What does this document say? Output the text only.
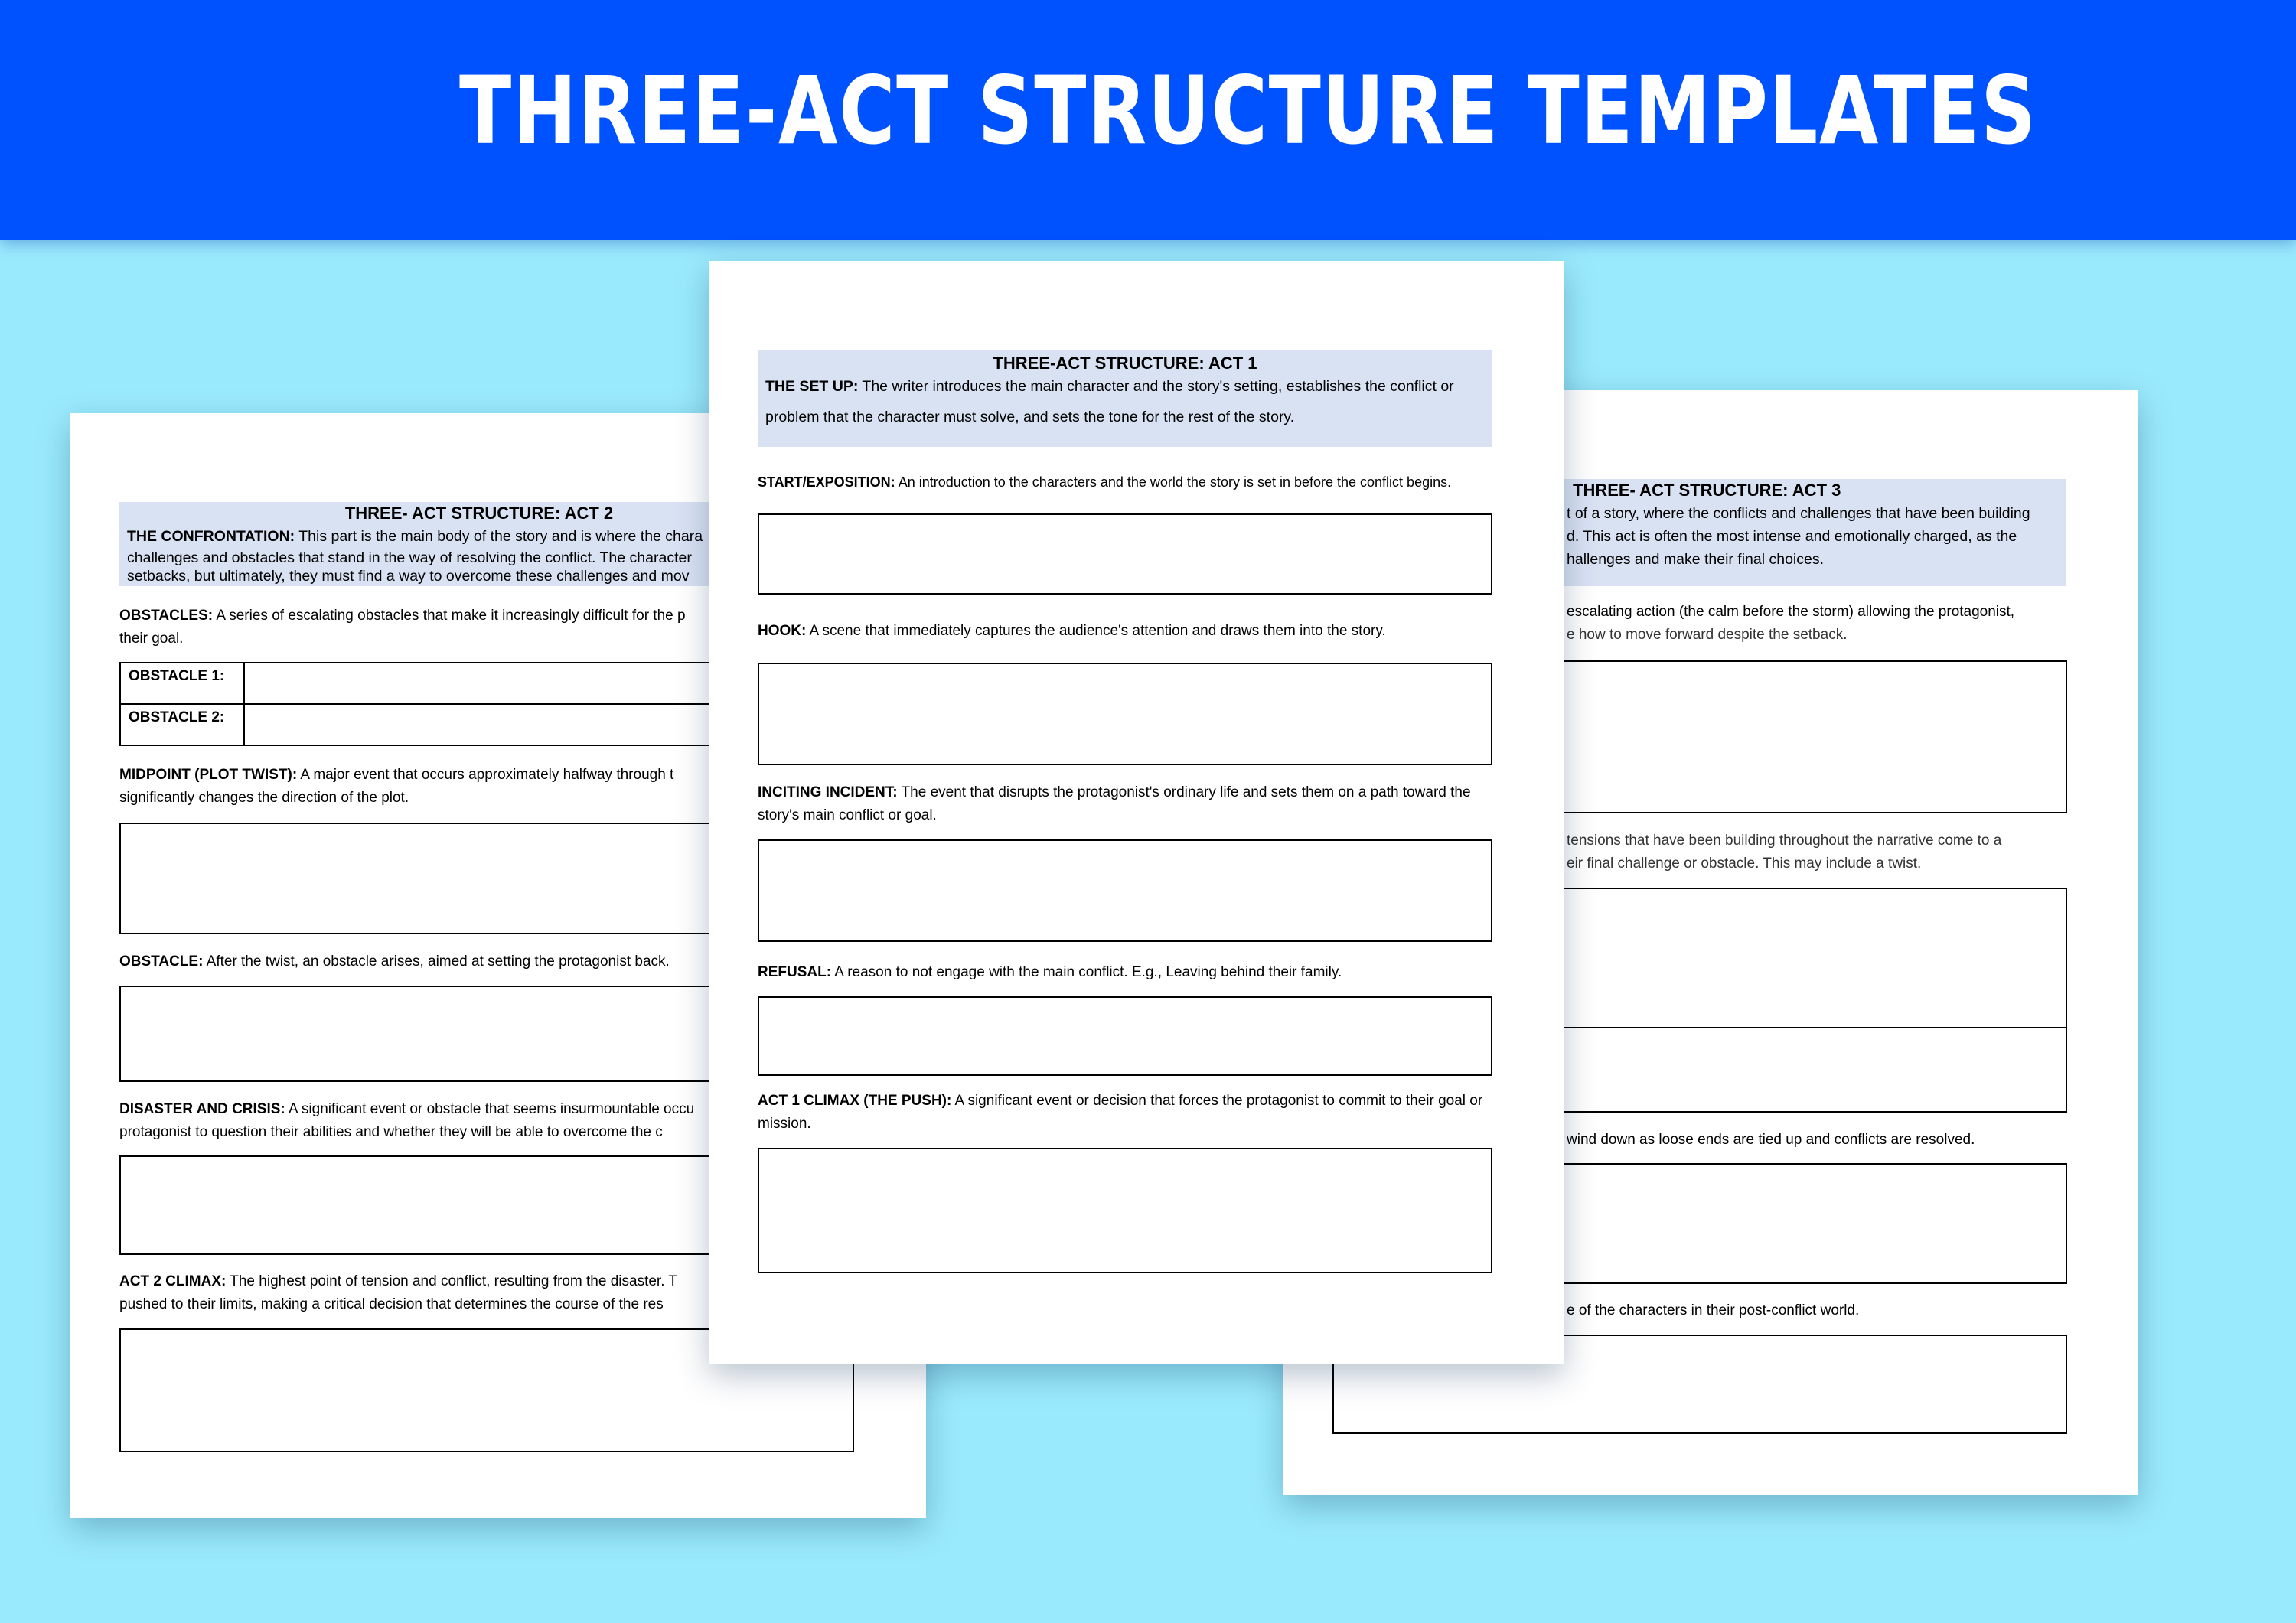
THREE-ACT STRUCTURE TEMPLATES
THREE- ACT STRUCTURE: ACT 2

THE CONFRONTATION: This part is the main body of the story and is where the chara

challenges and obstacles that stand in the way of resolving the conflict. The character

setbacks, but ultimately, they must find a way to overcome these challenges and mov

OBSTACLES: A series of escalating obstacles that make it increasingly difficult for the p
their goal.
OBSTACLE 1:	
OBSTACLE 2:	
MIDPOINT (PLOT TWIST): A major event that occurs approximately halfway through t
significantly changes the direction of the plot.
OBSTACLE: After the twist, an obstacle arises, aimed at setting the protagonist back.
DISASTER AND CRISIS: A significant event or obstacle that seems insurmountable occu
protagonist to question their abilities and whether they will be able to overcome the c
ACT 2 CLIMAX: The highest point of tension and conflict, resulting from the disaster. T
pushed to their limits, making a critical decision that determines the course of the res
THREE- ACT STRUCTURE: ACT 3

t of a story, where the conflicts and challenges that have been building

d. This act is often the most intense and emotionally charged, as the

hallenges and make their final choices.

escalating action (the calm before the storm) allowing the protagonist,
e how to move forward despite the setback.
tensions that have been building throughout the narrative come to a
eir final challenge or obstacle. This may include a twist.
wind down as loose ends are tied up and conflicts are resolved.
e of the characters in their post-conflict world.
THREE-ACT STRUCTURE: ACT 1

THE SET UP: The writer introduces the main character and the story's setting, establishes the conflict or problem that the character must solve, and sets the tone for the rest of the story.

START/EXPOSITION: An introduction to the characters and the world the story is set in before the conflict begins.
HOOK: A scene that immediately captures the audience's attention and draws them into the story.
INCITING INCIDENT: The event that disrupts the protagonist's ordinary life and sets them on a path toward the story's main conflict or goal.
REFUSAL: A reason to not engage with the main conflict. E.g., Leaving behind their family.
ACT 1 CLIMAX (THE PUSH): A significant event or decision that forces the protagonist to commit to their goal or mission.
